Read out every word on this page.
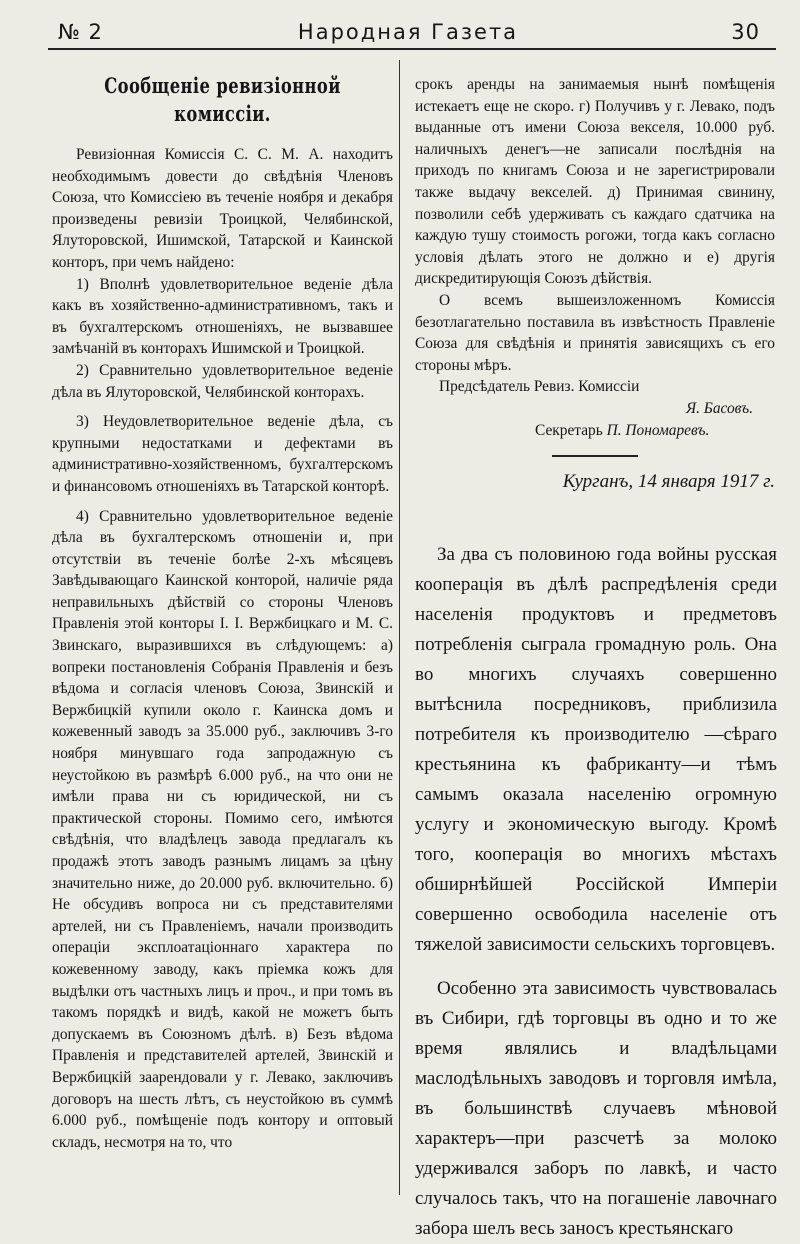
№ 2	Народная Газета	30
Сообщеніе ревизіонной комиссіи.

Ревизіонная Комиссія С. С. М. А. находитъ необходимымъ довести до свѣдѣнія Членовъ Союза, что Комиссіею въ теченіе ноября и декабря произведены ревизіи Троицкой, Челябинской, Ялуторовской, Ишимской, Татарской и Каинской конторъ, при чемъ найдено:

1) Вполнѣ удовлетворительное веденіе дѣла какъ въ хозяйственно-административномъ, такъ и въ бухгалтерскомъ отношеніяхъ, не вызвавшее замѣчаній въ конторахъ Ишимской и Троицкой.

2) Сравнительно удовлетворительное веденіе дѣла въ Ялуторовской, Челябинской конторахъ.

3) Неудовлетворительное веденіе дѣла, съ крупными недостатками и дефектами въ административно-хозяйственномъ, бухгалтерскомъ и финансовомъ отношеніяхъ въ Татарской конторѣ.

4) Сравнительно удовлетворительное веденіе дѣла въ бухгалтерскомъ отношеніи и, при отсутствіи въ теченіе болѣе 2-хъ мѣсяцевъ Завѣдывающаго Каинской конторой, наличіе ряда неправильныхъ дѣйствій со стороны Членовъ Правленія этой конторы І. І. Вержбицкаго и М. С. Звинскаго, выразившихся въ слѣдующемъ: а) вопреки постановленія Собранія Правленія и безъ вѣдома и согласія членовъ Союза, Звинскій и Вержбицкій купили около г. Каинска домъ и кожевенный заводъ за 35.000 руб., заключивъ 3-го ноября минувшаго года запродажную съ неустойкою въ размѣрѣ 6.000 руб., на что они не имѣли права ни съ юридической, ни съ практической стороны. Помимо сего, имѣются свѣдѣнія, что владѣлецъ завода предлагалъ къ продажѣ этотъ заводъ разнымъ лицамъ за цѣну значительно ниже, до 20.000 руб. включительно. б) Не обсудивъ вопроса ни съ представителями артелей, ни съ Правленіемъ, начали производить операціи эксплоатаціоннаго характера по кожевенному заводу, какъ пріемка кожъ для выдѣлки отъ частныхъ лицъ и проч., и при томъ въ такомъ порядкѣ и видѣ, какой не можетъ быть допускаемъ въ Союзномъ дѣлѣ. в) Безъ вѣдома Правленія и представителей артелей, Звинскій и Вержбицкій заарендовали у г. Левако, заключивъ договоръ на шесть лѣтъ, съ неустойкою въ суммѣ 6.000 руб., помѣщеніе подъ контору и оптовый складъ, несмотря на то, что

срокъ аренды на занимаемыя нынѣ помѣщенія истекаетъ еще не скоро. г) Получивъ у г. Левако, подъ выданные отъ имени Союза векселя, 10.000 руб. наличныхъ денегъ—не записали послѣднія на приходъ по книгамъ Союза и не зарегистрировали также выдачу векселей. д) Принимая свинину, позволили себѣ удерживать съ каждаго сдатчика на каждую тушу стоимость рогожи, тогда какъ согласно условія дѣлать этого не должно и е) другія дискредитирующія Союзъ дѣйствія.

О всемъ вышеизложенномъ Комиссія безотлагательно поставила въ извѣстность Правленіе Союза для свѣдѣнія и принятія зависящихъ съ его стороны мѣръ.

Предсѣдатель Ревиз. Комиссіи

Я. Басовъ.

Секретарь П. Пономаревъ.

Курганъ, 14 января 1917 г.

За два съ половиною года войны русская кооперація въ дѣлѣ распредѣленія среди населенія продуктовъ и предметовъ потребленія сыграла громадную роль. Она во многихъ случаяхъ совершенно вытѣснила посредниковъ, приблизила потребителя къ производителю —сѣраго крестьянина къ фабриканту—и тѣмъ самымъ оказала населенію огромную услугу и экономическую выгоду. Кромѣ того, кооперація во многихъ мѣстахъ обширнѣйшей Россійской Имперіи совершенно освободила населеніе отъ тяжелой зависимости сельскихъ торговцевъ.

Особенно эта зависимость чувствовалась въ Сибири, гдѣ торговцы въ одно и то же время являлись и владѣльцами маслодѣльныхъ заводовъ и торговля имѣла, въ большинствѣ случаевъ мѣновой характеръ—при разсчетѣ за молоко удерживался заборъ по лавкѣ, и часто случалось такъ, что на погашеніе лавочнаго забора шелъ весь заносъ крестьянскаго
